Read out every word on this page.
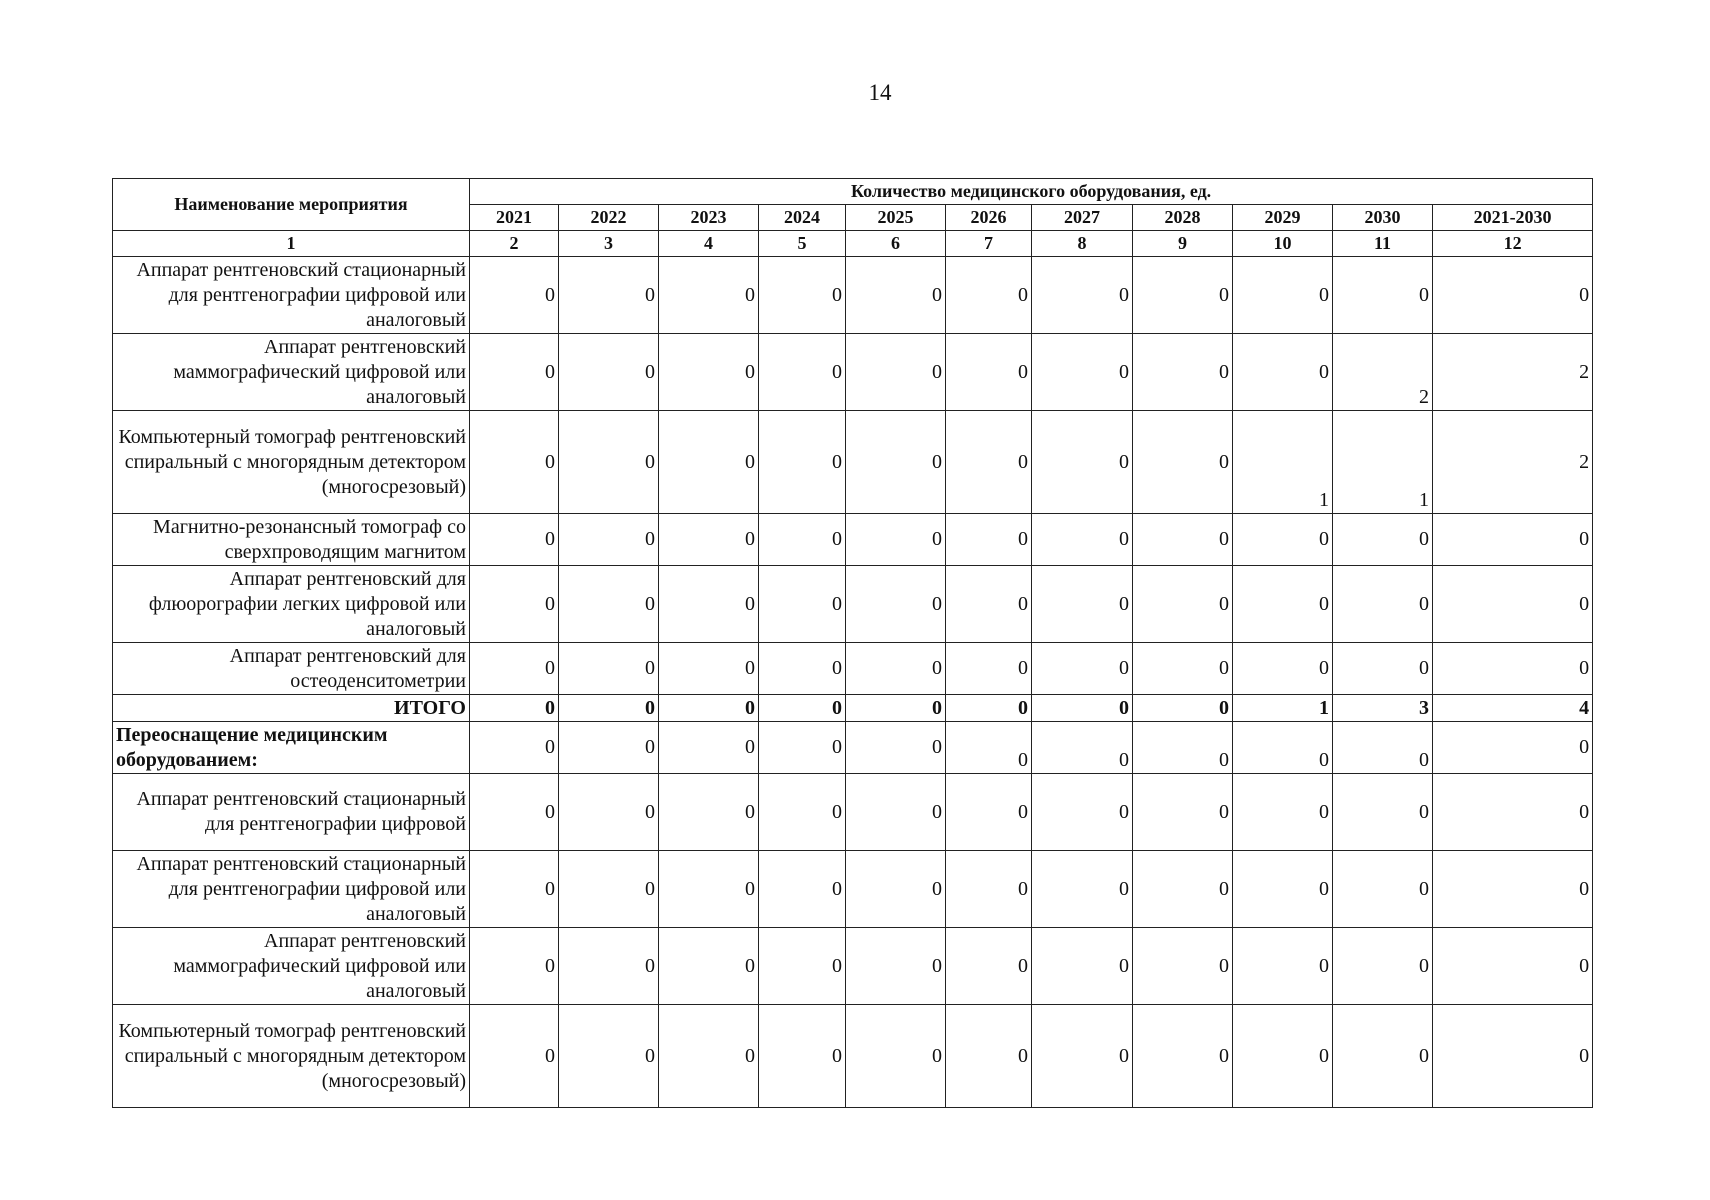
14
Наименование мероприятия	Количество медицинского оборудования, ед.										
	2021	2022	2023	2024	2025	2026	2027	2028	2029	2030	2021-2030
1	2	3	4	5	6	7	8	9	10	11	12
Аппарат рентгеновский стационарный для рентгенографии цифровой или аналоговый	0	0	0	0	0	0	0	0	0	0	0
Аппарат рентгеновский маммографический цифровой или аналоговый	0	0	0	0	0	0	0	0	0	2	2
Компьютерный томограф рентгеновский спиральный с многорядным детектором (многосрезовый)	0	0	0	0	0	0	0	0	1	1	2
Магнитно-резонансный томограф со сверхпроводящим магнитом	0	0	0	0	0	0	0	0	0	0	0
Аппарат рентгеновский для флюорографии легких цифровой или аналоговый	0	0	0	0	0	0	0	0	0	0	0
Аппарат рентгеновский для остеоденситометрии	0	0	0	0	0	0	0	0	0	0	0
ИТОГО	0	0	0	0	0	0	0	0	1	3	4
Переоснащение медицинским оборудованием:	0	0	0	0	0	0	0	0	0	0	0
Аппарат рентгеновский стационарный для рентгенографии цифровой	0	0	0	0	0	0	0	0	0	0	0
Аппарат рентгеновский стационарный для рентгенографии цифровой или аналоговый	0	0	0	0	0	0	0	0	0	0	0
Аппарат рентгеновский маммографический цифровой или аналоговый	0	0	0	0	0	0	0	0	0	0	0
Компьютерный томограф рентгеновский спиральный с многорядным детектором (многосрезовый)	0	0	0	0	0	0	0	0	0	0	0
